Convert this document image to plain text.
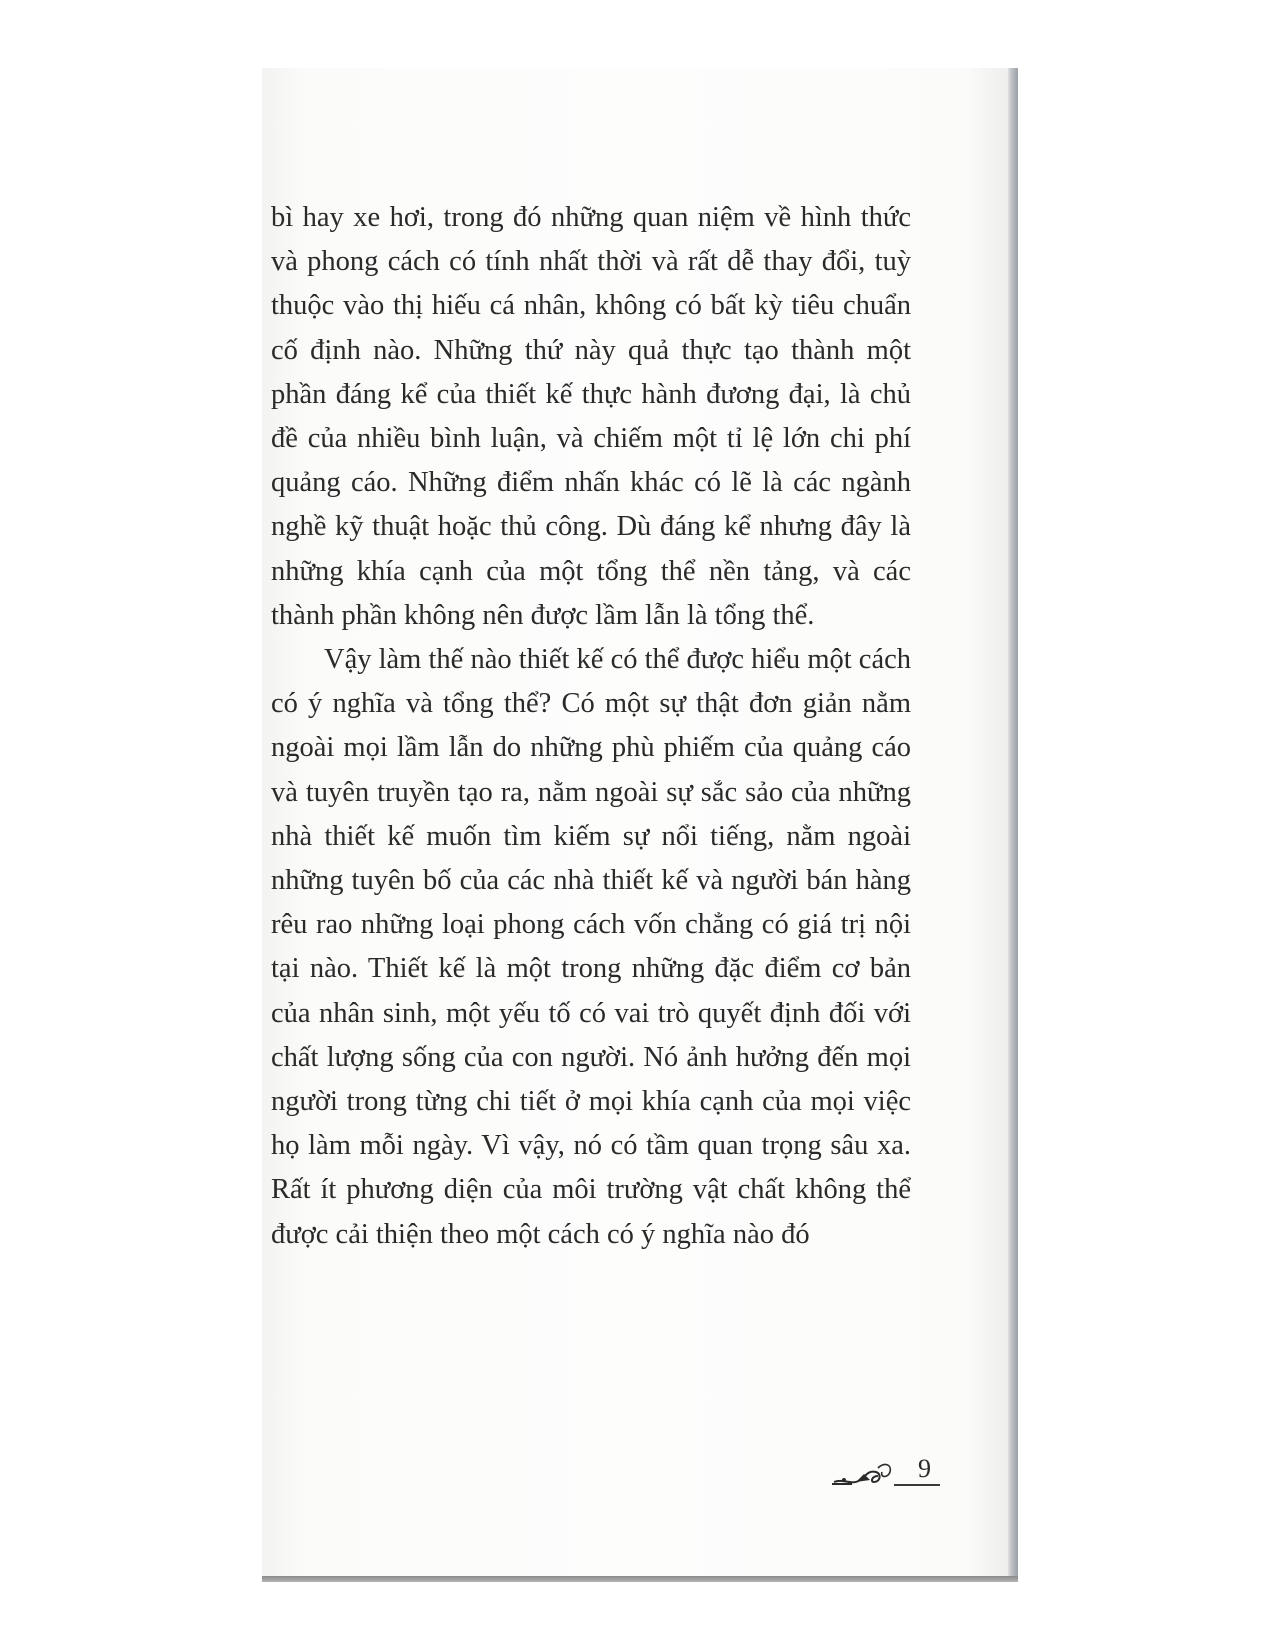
bì hay xe hơi, trong đó những quan niệm về hình thức và phong cách có tính nhất thời và rất dễ thay đổi, tuỳ thuộc vào thị hiếu cá nhân, không có bất kỳ tiêu chuẩn cố định nào. Những thứ này quả thực tạo thành một phần đáng kể của thiết kế thực hành đương đại, là chủ đề của nhiều bình luận, và chiếm một tỉ lệ lớn chi phí quảng cáo. Những điểm nhấn khác có lẽ là các ngành nghề kỹ thuật hoặc thủ công. Dù đáng kể nhưng đây là những khía cạnh của một tổng thể nền tảng, và các thành phần không nên được lầm lẫn là tổng thể.

Vậy làm thế nào thiết kế có thể được hiểu một cách có ý nghĩa và tổng thể? Có một sự thật đơn giản nằm ngoài mọi lầm lẫn do những phù phiếm của quảng cáo và tuyên truyền tạo ra, nằm ngoài sự sắc sảo của những nhà thiết kế muốn tìm kiếm sự nổi tiếng, nằm ngoài những tuyên bố của các nhà thiết kế và người bán hàng rêu rao những loại phong cách vốn chẳng có giá trị nội tại nào. Thiết kế là một trong những đặc điểm cơ bản của nhân sinh, một yếu tố có vai trò quyết định đối với chất lượng sống của con người. Nó ảnh hưởng đến mọi người trong từng chi tiết ở mọi khía cạnh của mọi việc họ làm mỗi ngày. Vì vậy, nó có tầm quan trọng sâu xa. Rất ít phương diện của môi trường vật chất không thể được cải thiện theo một cách có ý nghĩa nào đó

9
